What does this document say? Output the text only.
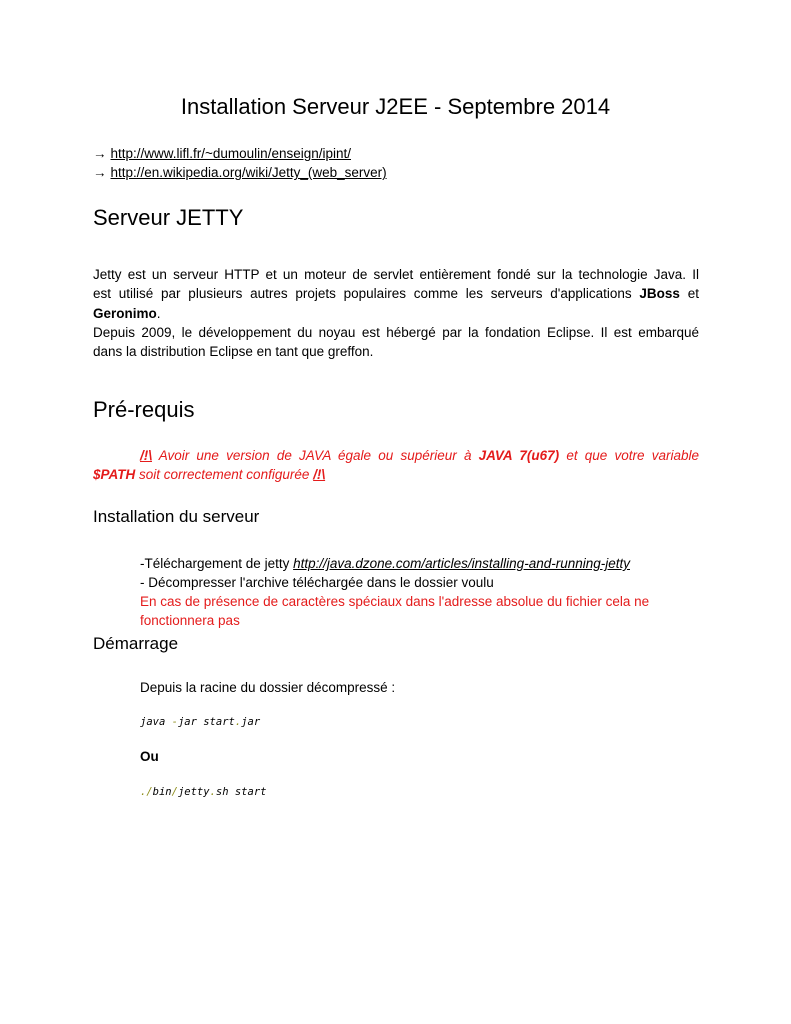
Installation Serveur J2EE - Septembre 2014
→ http://www.lifl.fr/~dumoulin/enseign/ipint/
→ http://en.wikipedia.org/wiki/Jetty_(web_server)
Serveur JETTY
Jetty est un serveur HTTP et un moteur de servlet entièrement fondé sur la technologie Java. Il
est utilisé par plusieurs autres projets populaires comme les serveurs d'applications JBoss et
Geronimo.
Depuis 2009, le développement du noyau est hébergé par la fondation Eclipse. Il est embarqué
dans la distribution Eclipse en tant que greffon.
Pré-requis
/!\ Avoir une version de JAVA égale ou supérieur à JAVA 7(u67) et que votre variable
$PATH soit correctement configurée /!\
Installation du serveur
-Téléchargement de jetty http://java.dzone.com/articles/installing-and-running-jetty
- Décompresser l'archive téléchargée dans le dossier voulu
En cas de présence de caractères spéciaux dans l'adresse absolue du fichier cela ne
fonctionnera pas
Démarrage
Depuis la racine du dossier décompressé :
java -jar start.jar
Ou
./bin/jetty.sh start
